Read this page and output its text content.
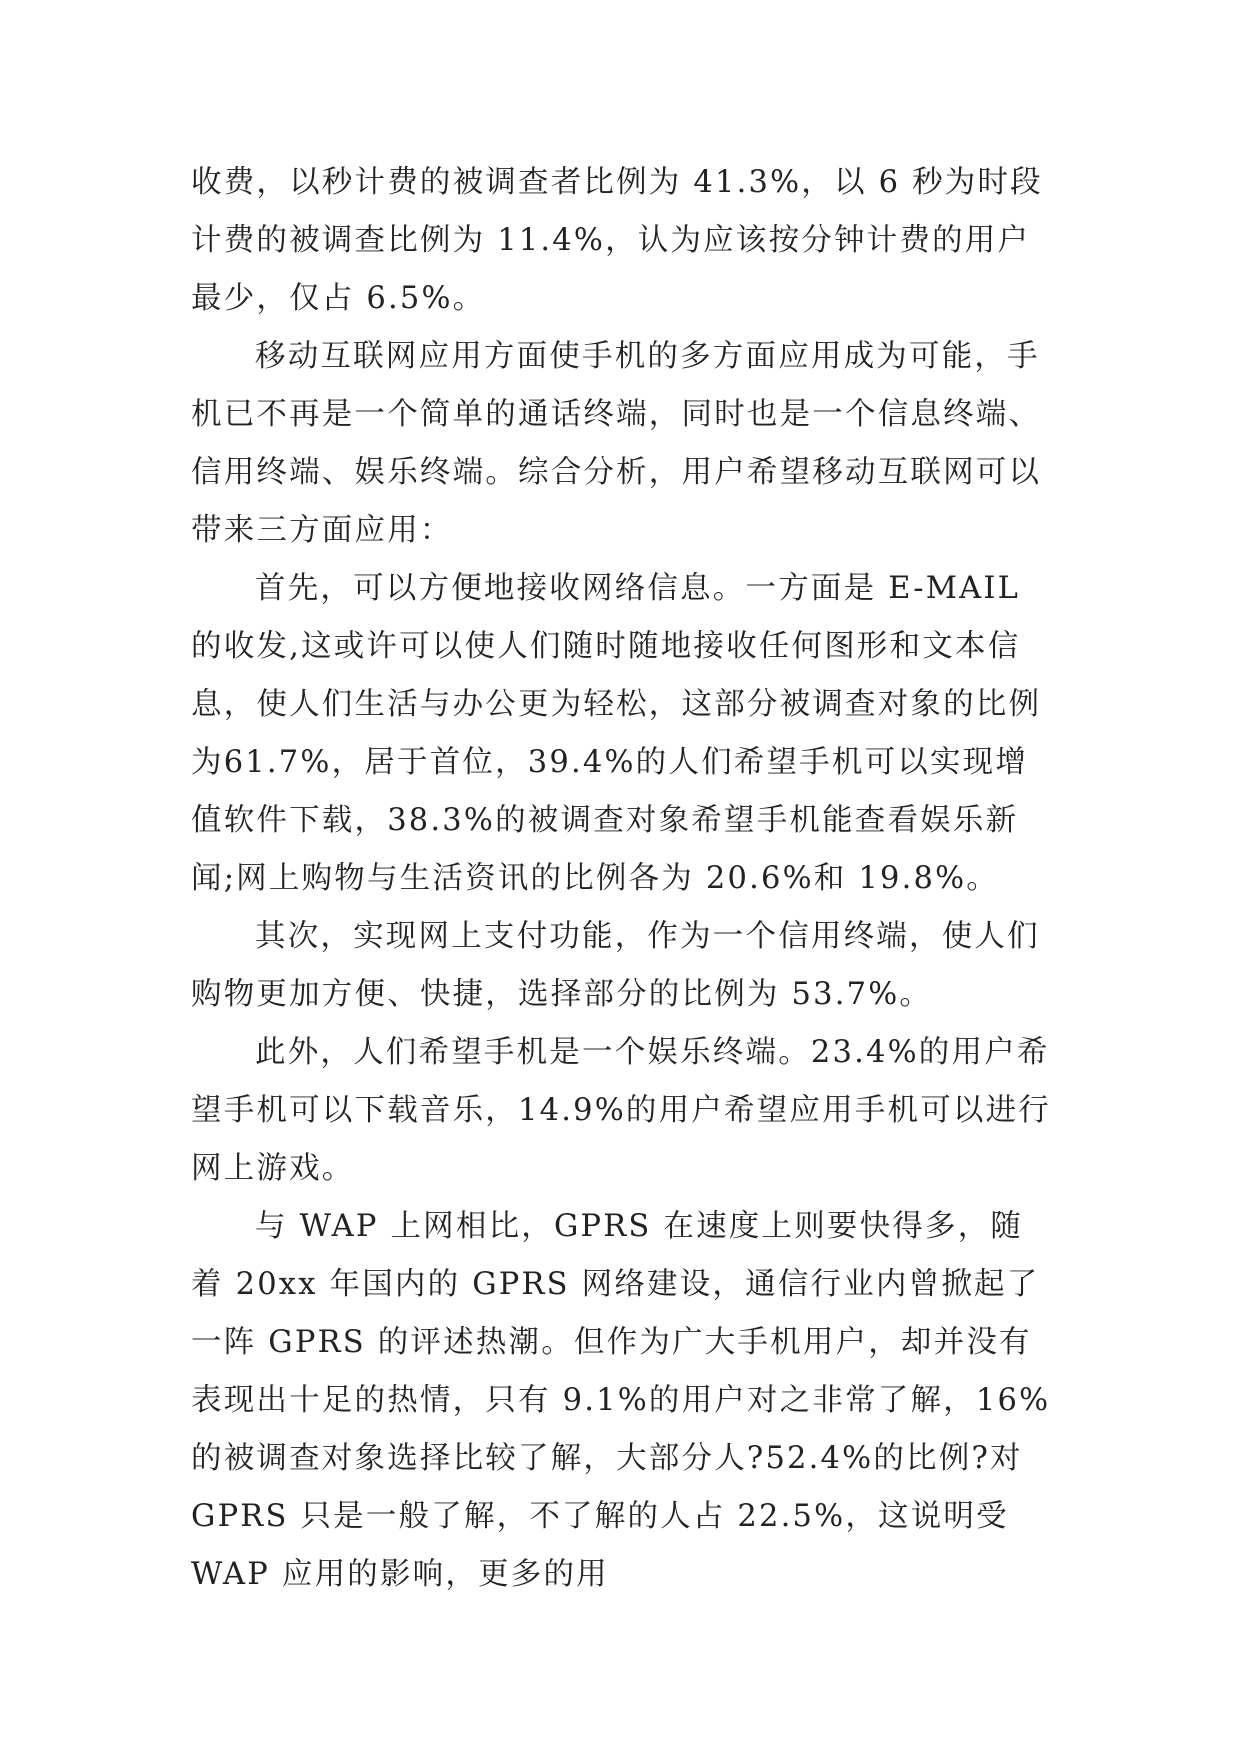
收费，以秒计费的被调查者比例为 41.3%，以 6 秒为时段计费的被调查比例为 11.4%，认为应该按分钟计费的用户最少，仅占 6.5%。

移动互联网应用方面使手机的多方面应用成为可能，手机已不再是一个简单的通话终端，同时也是一个信息终端、信用终端、娱乐终端。综合分析，用户希望移动互联网可以带来三方面应用：

首先，可以方便地接收网络信息。一方面是 E-MAIL 的收发,这或许可以使人们随时随地接收任何图形和文本信息，使人们生活与办公更为轻松，这部分被调查对象的比例为61.7%，居于首位，39.4%的人们希望手机可以实现增值软件下载，38.3%的被调查对象希望手机能查看娱乐新闻;网上购物与生活资讯的比例各为 20.6%和 19.8%。

其次，实现网上支付功能，作为一个信用终端，使人们购物更加方便、快捷，选择部分的比例为 53.7%。

此外，人们希望手机是一个娱乐终端。23.4%的用户希望手机可以下载音乐，14.9%的用户希望应用手机可以进行网上游戏。

与 WAP 上网相比，GPRS 在速度上则要快得多，随着 20xx 年国内的 GPRS 网络建设，通信行业内曾掀起了一阵 GPRS 的评述热潮。但作为广大手机用户，却并没有表现出十足的热情，只有 9.1%的用户对之非常了解，16%的被调查对象选择比较了解，大部分人?52.4%的比例?对 GPRS 只是一般了解，不了解的人占 22.5%，这说明受 WAP 应用的影响，更多的用
